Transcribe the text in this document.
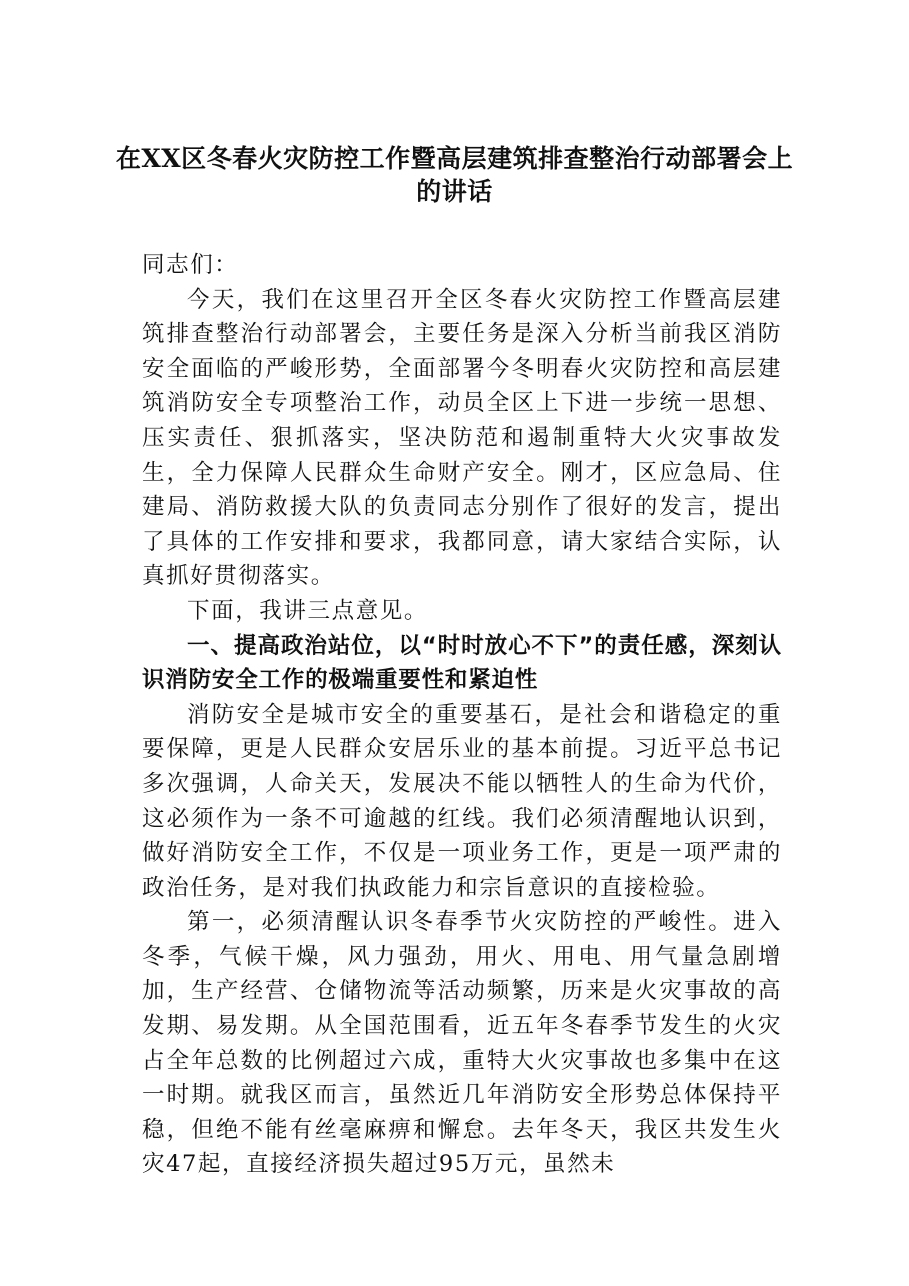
在XX区冬春火灾防控工作暨高层建筑排查整治行动部署会上的讲话

同志们：

今天，我们在这里召开全区冬春火灾防控工作暨高层建筑排查整治行动部署会，主要任务是深入分析当前我区消防安全面临的严峻形势，全面部署今冬明春火灾防控和高层建筑消防安全专项整治工作，动员全区上下进一步统一思想、压实责任、狠抓落实，坚决防范和遏制重特大火灾事故发生，全力保障人民群众生命财产安全。刚才，区应急局、住建局、消防救援大队的负责同志分别作了很好的发言，提出了具体的工作安排和要求，我都同意，请大家结合实际，认真抓好贯彻落实。

下面，我讲三点意见。

一、提高政治站位，以“时时放心不下”的责任感，深刻认识消防安全工作的极端重要性和紧迫性

消防安全是城市安全的重要基石，是社会和谐稳定的重要保障，更是人民群众安居乐业的基本前提。习近平总书记多次强调，人命关天，发展决不能以牺牲人的生命为代价，这必须作为一条不可逾越的红线。我们必须清醒地认识到，做好消防安全工作，不仅是一项业务工作，更是一项严肃的政治任务，是对我们执政能力和宗旨意识的直接检验。

第一，必须清醒认识冬春季节火灾防控的严峻性。进入冬季，气候干燥，风力强劲，用火、用电、用气量急剧增加，生产经营、仓储物流等活动频繁，历来是火灾事故的高发期、易发期。从全国范围看，近五年冬春季节发生的火灾占全年总数的比例超过六成，重特大火灾事故也多集中在这一时期。就我区而言，虽然近几年消防安全形势总体保持平稳，但绝不能有丝毫麻痹和懈怠。去年冬天，我区共发生火灾47起，直接经济损失超过95万元，虽然未
